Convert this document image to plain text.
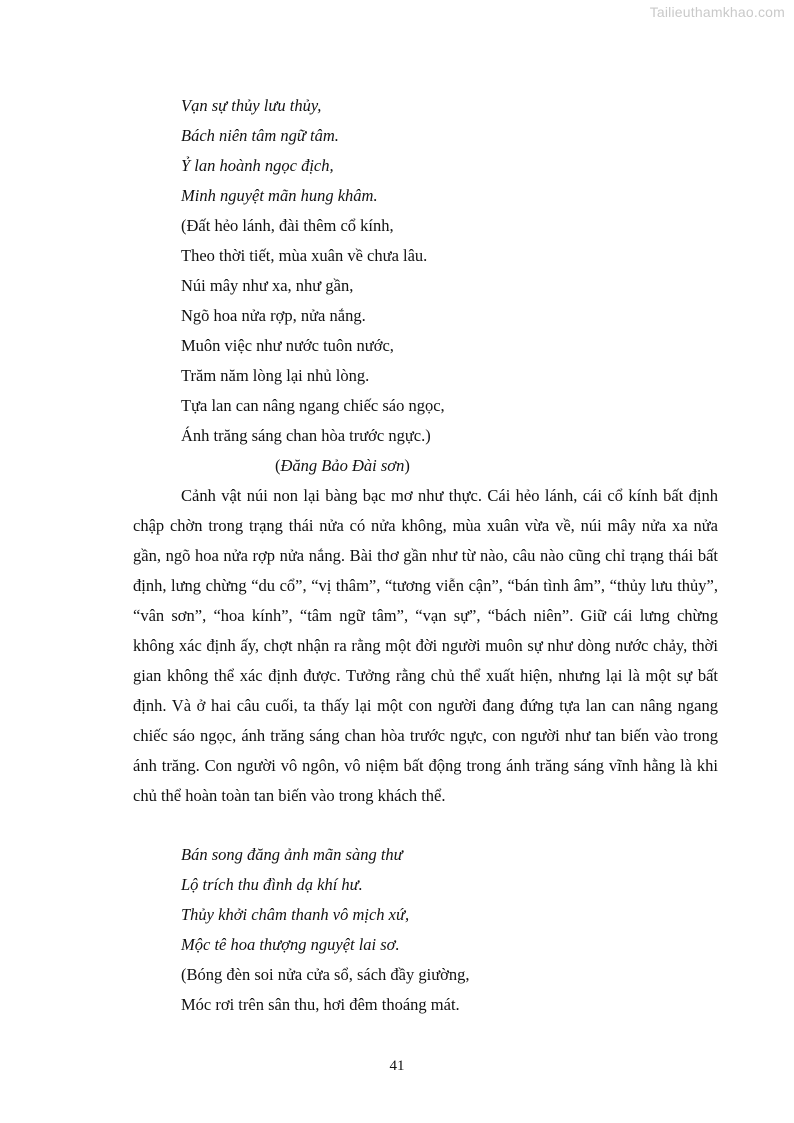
Tailieuthamkhao.com
Vạn sự thủy lưu thủy,
Bách niên tâm ngữ tâm.
Ỷ lan hoành ngọc địch,
Minh nguyệt mãn hung khâm.
(Đất hẻo lánh, đài thêm cổ kính,
Theo thời tiết, mùa xuân về chưa lâu.
Núi mây như xa, như gần,
Ngõ hoa nửa rợp, nửa nắng.
Muôn việc như nước tuôn nước,
Trăm năm lòng lại nhủ lòng.
Tựa lan can nâng ngang chiếc sáo ngọc,
Ánh trăng sáng chan hòa trước ngực.)
(Đăng Bảo Đài sơn)

Cảnh vật núi non lại bàng bạc mơ như thực. Cái hẻo lánh, cái cổ kính bất định chập chờn trong trạng thái nửa có nửa không, mùa xuân vừa về, núi mây nửa xa nửa gần, ngõ hoa nửa rợp nửa nắng. Bài thơ gần như từ nào, câu nào cũng chỉ trạng thái bất định, lưng chừng “du cổ”, “vị thâm”, “tương viễn cận”, “bán tình âm”, “thủy lưu thủy”, “vân sơn”, “hoa kính”, “tâm ngữ tâm”, “vạn sự”, “bách niên”. Giữ cái lưng chừng không xác định ấy, chợt nhận ra rằng một đời người muôn sự như dòng nước chảy, thời gian không thể xác định được. Tưởng rằng chủ thể xuất hiện, nhưng lại là một sự bất định. Và ở hai câu cuối, ta thấy lại một con người đang đứng tựa lan can nâng ngang chiếc sáo ngọc, ánh trăng sáng chan hòa trước ngực, con người như tan biến vào trong ánh trăng. Con người vô ngôn, vô niệm bất động trong ánh trăng sáng vĩnh hằng là khi chủ thể hoàn toàn tan biến vào trong khách thể.

Bán song đăng ảnh mãn sàng thư
Lộ trích thu đình dạ khí hư.
Thủy khởi châm thanh vô mịch xứ,
Mộc tê hoa thượng nguyệt lai sơ.
(Bóng đèn soi nửa cửa sổ, sách đầy giường,
Móc rơi trên sân thu, hơi đêm thoáng mát.
41
